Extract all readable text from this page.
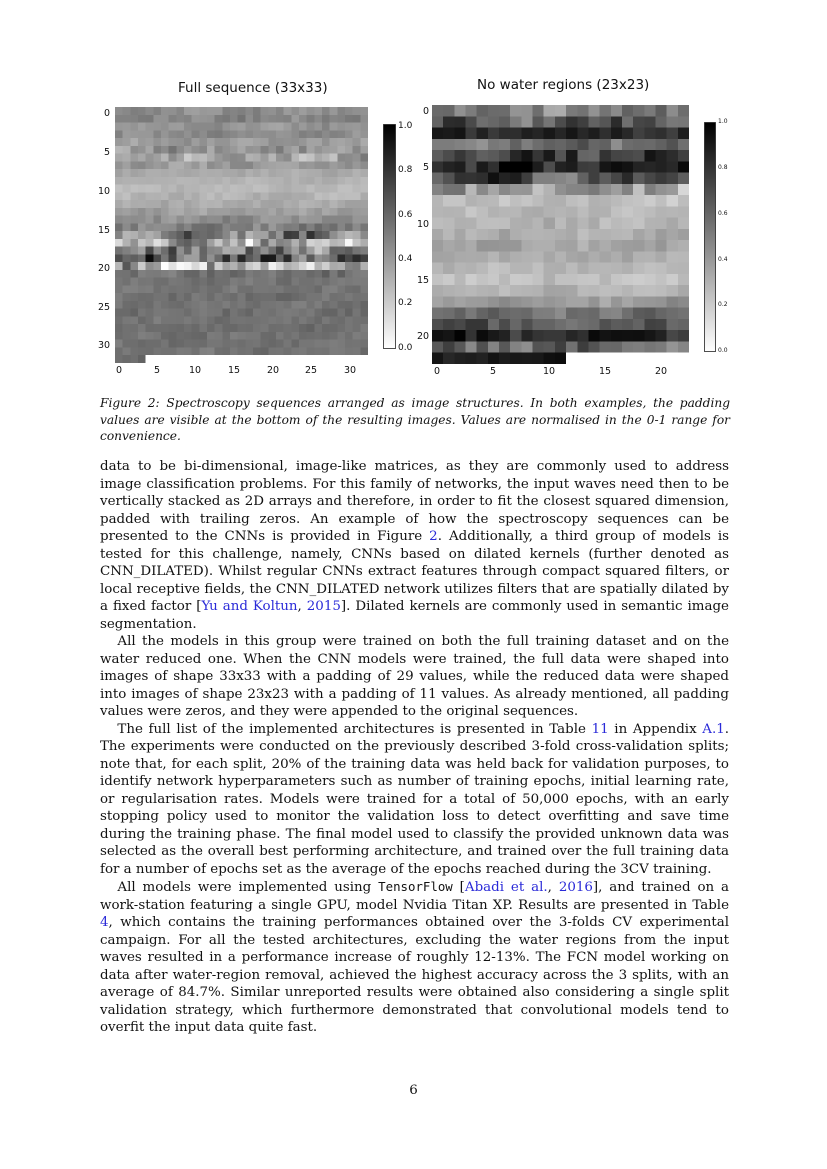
Full sequence (33x33)
0
5
10
15
20
25
30
0	5	10	15	20	25	30
1.0
0.8
0.6
0.4
0.2
0.0
No water regions (23x23)
0
5
10
15
20
0	5	10	15	20
1.0
0.8
0.6
0.4
0.2
0.0
Figure 2: Spectroscopy sequences arranged as image structures. In both examples, the padding values are visible at the bottom of the resulting images. Values are normalised in the 0-1 range for convenience.

data to be bi-dimensional, image-like matrices, as they are commonly used to address image classification problems. For this family of networks, the input waves need then to be vertically stacked as 2D arrays and therefore, in order to fit the closest squared dimension, padded with trailing zeros. An example of how the spectroscopy sequences can be presented to the CNNs is provided in Figure 2. Additionally, a third group of models is tested for this challenge, namely, CNNs based on dilated kernels (further denoted as CNN_DILATED). Whilst regular CNNs extract features through compact squared filters, or local receptive fields, the CNN_DILATED network utilizes filters that are spatially dilated by a fixed factor [Yu and Koltun, 2015]. Dilated kernels are commonly used in semantic image segmentation.

All the models in this group were trained on both the full training dataset and on the water reduced one. When the CNN models were trained, the full data were shaped into images of shape 33x33 with a padding of 29 values, while the reduced data were shaped into images of shape 23x23 with a padding of 11 values. As already mentioned, all padding values were zeros, and they were appended to the original sequences.

The full list of the implemented architectures is presented in Table 11 in Appendix A.1. The experiments were conducted on the previously described 3-fold cross-validation splits; note that, for each split, 20% of the training data was held back for validation purposes, to identify network hyperparameters such as number of training epochs, initial learning rate, or regularisation rates. Models were trained for a total of 50,000 epochs, with an early stopping policy used to monitor the validation loss to detect overfitting and save time during the training phase. The final model used to classify the provided unknown data was selected as the overall best performing architecture, and trained over the full training data for a number of epochs set as the average of the epochs reached during the 3CV training.

All models were implemented using TensorFlow [Abadi et al., 2016], and trained on a work-station featuring a single GPU, model Nvidia Titan XP. Results are presented in Table 4, which contains the training performances obtained over the 3-folds CV experimental campaign. For all the tested architectures, excluding the water regions from the input waves resulted in a performance increase of roughly 12-13%. The FCN model working on data after water-region removal, achieved the highest accuracy across the 3 splits, with an average of 84.7%. Similar unreported results were obtained also considering a single split validation strategy, which furthermore demonstrated that convolutional models tend to overfit the input data quite fast.

6
